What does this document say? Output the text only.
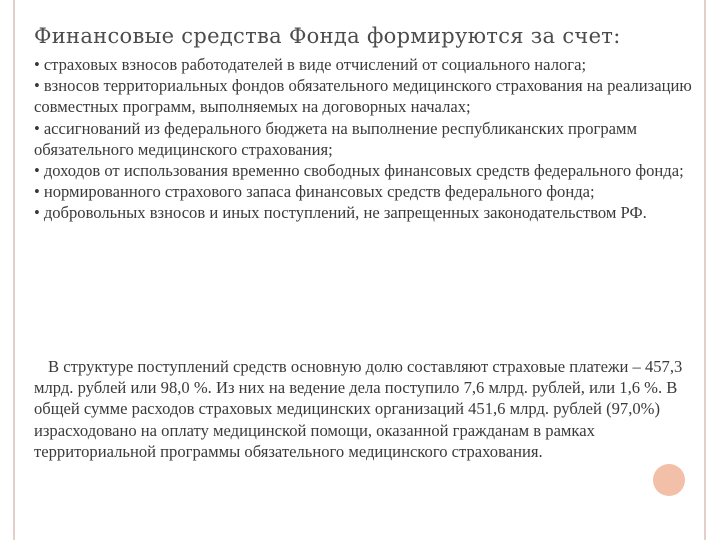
Финансовые средства Фонда формируются за счет:
• страховых взносов работодателей в виде отчислений от социального налога;
• взносов территориальных фондов обязательного медицинского страхования на реализацию совместных программ, выполняемых на договорных началах;
• ассигнований из федерального бюджета на выполнение республиканских программ обязательного медицинского страхования;
• доходов от использования временно свободных финансовых средств федерального фонда;
• нормированного страхового запаса финансовых средств федерального фонда;
• добровольных взносов и иных поступлений, не запрещенных законодательством РФ.

В структуре поступлений средств основную долю составляют страховые платежи – 457,3 млрд. рублей или 98,0 %. Из них на ведение дела поступило 7,6 млрд. рублей, или 1,6 %. В общей сумме расходов страховых медицинских организаций 451,6 млрд. рублей (97,0%) израсходовано на оплату медицинской помощи, оказанной гражданам в рамках территориальной программы обязательного медицинского страхования.
